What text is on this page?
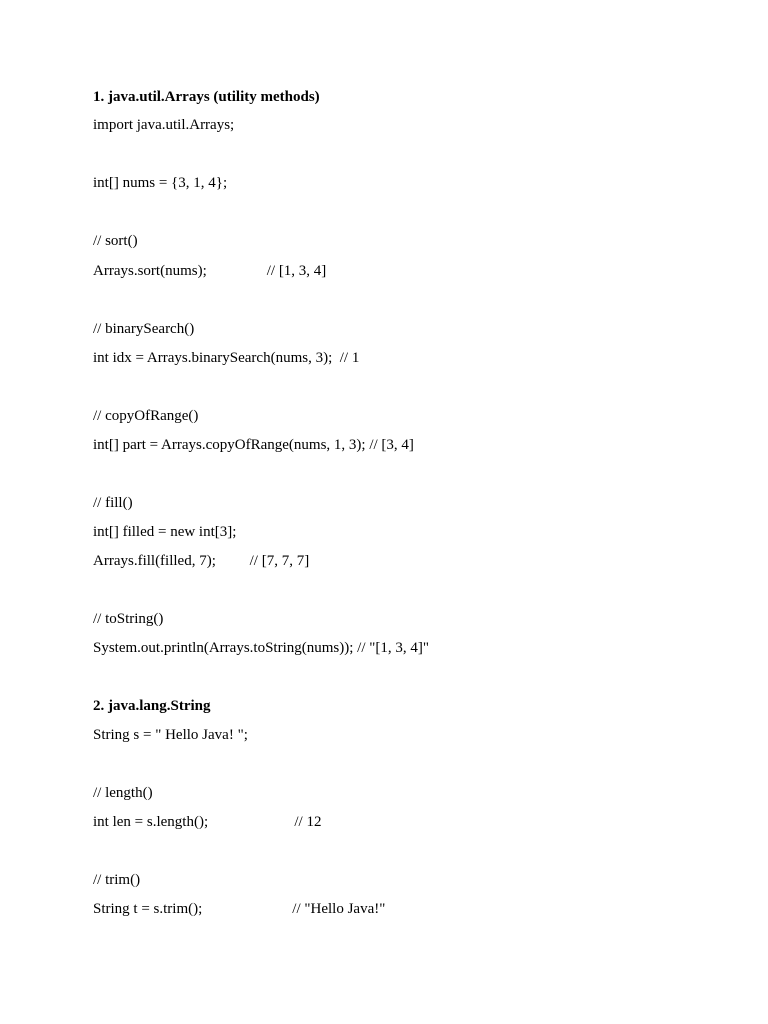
1. java.util.Arrays (utility methods)
import java.util.Arrays;
int[] nums = {3, 1, 4};
// sort()
Arrays.sort(nums);                // [1, 3, 4]
// binarySearch()
int idx = Arrays.binarySearch(nums, 3);  // 1
// copyOfRange()
int[] part = Arrays.copyOfRange(nums, 1, 3); // [3, 4]
// fill()
int[] filled = new int[3];
Arrays.fill(filled, 7);         // [7, 7, 7]
// toString()
System.out.println(Arrays.toString(nums)); // "[1, 3, 4]"
2. java.lang.String
String s = " Hello Java! ";
// length()
int len = s.length();                       // 12
// trim()
String t = s.trim();                        // "Hello Java!"
